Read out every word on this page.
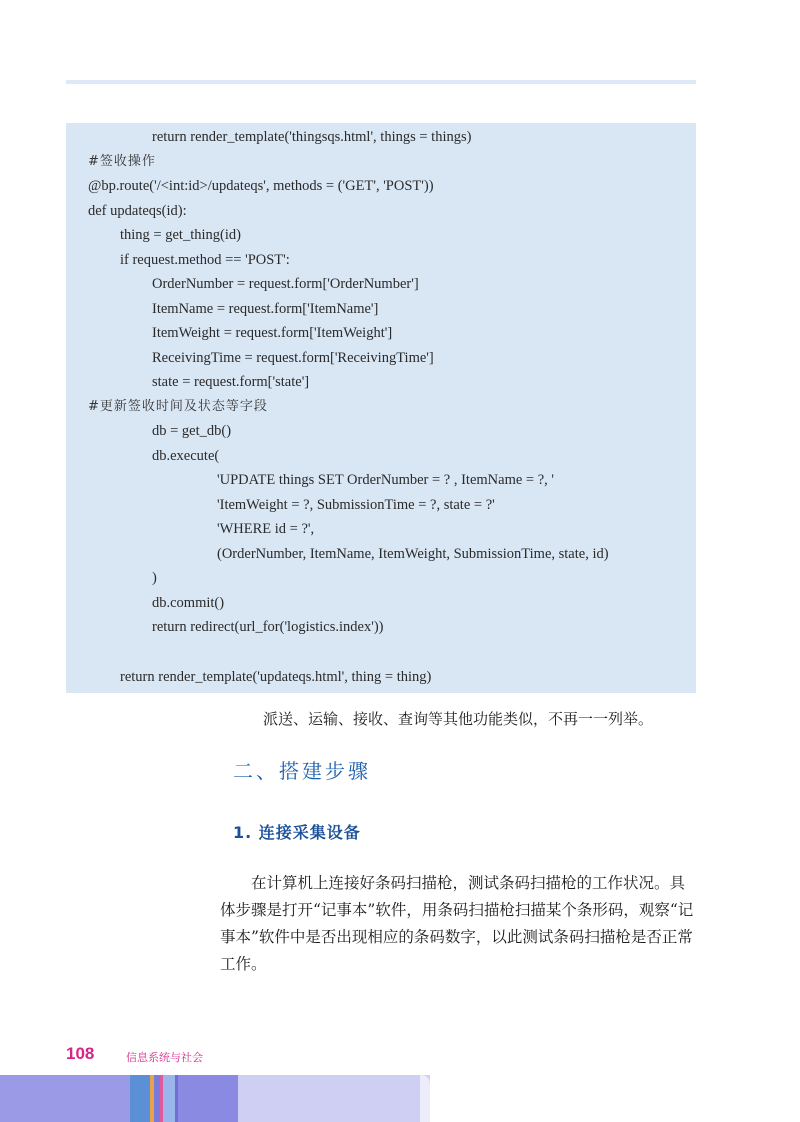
return render_template('thingsqs.html', things = things)
#签收操作
@bp.route('/<int:id>/updateqs', methods = ('GET', 'POST'))
def updateqs(id):
thing = get_thing(id)
if request.method == 'POST':
OrderNumber = request.form['OrderNumber']
ItemName = request.form['ItemName']
ItemWeight = request.form['ItemWeight']
ReceivingTime = request.form['ReceivingTime']
state = request.form['state']
#更新签收时间及状态等字段
db = get_db()
db.execute(
'UPDATE things SET OrderNumber = ? , ItemName = ?, '
'ItemWeight = ?, SubmissionTime = ?, state = ?'
'WHERE id = ?',
(OrderNumber, ItemName, ItemWeight, SubmissionTime, state, id)
)
db.commit()
return redirect(url_for('logistics.index'))
return render_template('updateqs.html', thing = thing)
派送、运输、接收、查询等其他功能类似，不再一一列举。
二、搭建步骤
1. 连接采集设备
在计算机上连接好条码扫描枪，测试条码扫描枪的工作状况。具体步骤是打开“记事本”软件，用条码扫描枪扫描某个条形码，观察“记事本”软件中是否出现相应的条码数字，以此测试条码扫描枪是否正常工作。
108	信息系统与社会
